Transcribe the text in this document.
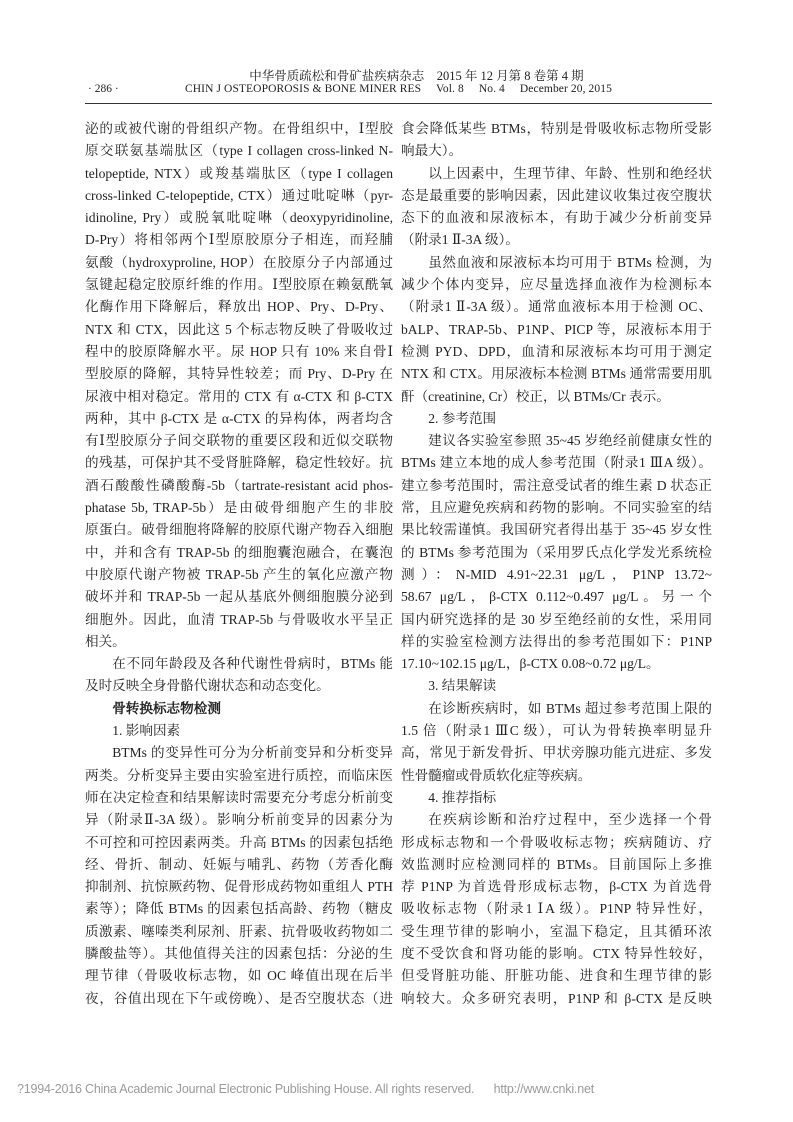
中华骨质疏松和骨矿盐疾病杂志　2015 年 12 月第 8 卷第 4 期
· 286 ·	CHIN J OSTEOPOROSIS & BONE MINER RES Vol. 8 No. 4 December 20, 2015
泌的或被代谢的骨组织产物。在骨组织中，Ⅰ型胶
原交联氨基端肽区（type I collagen cross-linked N-
telopeptide, NTX）或羧基端肽区（type I collagen
cross-linked C-telopeptide, CTX）通过吡啶啉（pyr-
idinoline, Pry）或脱氧吡啶啉（deoxypyridinoline,
D-Pry）将相邻两个Ⅰ型原胶原分子相连，而羟脯
氨酸（hydroxyproline, HOP）在胶原分子内部通过
氢键起稳定胶原纤维的作用。Ⅰ型胶原在赖氨酰氧
化酶作用下降解后，释放出 HOP、Pry、D-Pry、
NTX 和 CTX，因此这 5 个标志物反映了骨吸收过
程中的胶原降解水平。尿 HOP 只有 10% 来自骨Ⅰ
型胶原的降解，其特异性较差；而 Pry、D-Pry 在
尿液中相对稳定。常用的 CTX 有 α-CTX 和 β-CTX
两种，其中 β-CTX 是 α-CTX 的异构体，两者均含
有Ⅰ型胶原分子间交联物的重要区段和近似交联物
的残基，可保护其不受肾脏降解，稳定性较好。抗
酒石酸酸性磷酸酶-5b（tartrate-resistant acid phos-
phatase 5b, TRAP-5b）是由破骨细胞产生的非胶
原蛋白。破骨细胞将降解的胶原代谢产物吞入细胞
中，并和含有 TRAP-5b 的细胞囊泡融合，在囊泡
中胶原代谢产物被 TRAP-5b 产生的氧化应激产物
破坏并和 TRAP-5b 一起从基底外侧细胞膜分泌到
细胞外。因此，血清 TRAP-5b 与骨吸收水平呈正
相关。
在不同年龄段及各种代谢性骨病时，BTMs 能
及时反映全身骨骼代谢状态和动态变化。
骨转换标志物检测
1. 影响因素
BTMs 的变异性可分为分析前变异和分析变异
两类。分析变异主要由实验室进行质控，而临床医
师在决定检查和结果解读时需要充分考虑分析前变
异（附录Ⅱ-3A 级）。影响分析前变异的因素分为
不可控和可控因素两类。升高 BTMs 的因素包括绝
经、骨折、制动、妊娠与哺乳、药物（芳香化酶
抑制剂、抗惊厥药物、促骨形成药物如重组人 PTH
素等）；降低 BTMs 的因素包括高龄、药物（糖皮
质激素、噻嗪类利尿剂、肝素、抗骨吸收药物如二
膦酸盐等）。其他值得关注的因素包括：分泌的生
理节律（骨吸收标志物，如 OC 峰值出现在后半
夜，谷值出现在下午或傍晚）、是否空腹状态（进
食会降低某些 BTMs，特别是骨吸收标志物所受影
响最大）。
以上因素中，生理节律、年龄、性别和绝经状
态是最重要的影响因素，因此建议收集过夜空腹状
态下的血液和尿液标本，有助于减少分析前变异
（附录1 Ⅱ-3A 级）。
虽然血液和尿液标本均可用于 BTMs 检测，为
减少个体内变异，应尽量选择血液作为检测标本
（附录1 Ⅱ-3A 级）。通常血液标本用于检测 OC、
bALP、TRAP-5b、P1NP、PICP 等，尿液标本用于
检测 PYD、DPD，血清和尿液标本均可用于测定
NTX 和 CTX。用尿液标本检测 BTMs 通常需要用肌
酐（creatinine, Cr）校正，以 BTMs/Cr 表示。
2. 参考范围
建议各实验室参照 35~45 岁绝经前健康女性的
BTMs 建立本地的成人参考范围（附录1 ⅢA 级）。
建立参考范围时，需注意受试者的维生素 D 状态正
常，且应避免疾病和药物的影响。不同实验室的结
果比较需谨慎。我国研究者得出基于 35~45 岁女性
的 BTMs 参考范围为（采用罗氏点化学发光系统检
测）：N-MID 4.91~22.31 μg/L，P1NP 13.72~
58.67 μg/L，β-CTX 0.112~0.497 μg/L。另一个
国内研究选择的是 30 岁至绝经前的女性，采用同
样的实验室检测方法得出的参考范围如下：P1NP
17.10~102.15 μg/L，β-CTX 0.08~0.72 μg/L。
3. 结果解读
在诊断疾病时，如 BTMs 超过参考范围上限的
1.5 倍（附录1 ⅢC 级），可认为骨转换率明显升
高，常见于新发骨折、甲状旁腺功能亢进症、多发
性骨髓瘤或骨质软化症等疾病。
4. 推荐指标
在疾病诊断和治疗过程中，至少选择一个骨
形成标志物和一个骨吸收标志物；疾病随访、疗
效监测时应检测同样的 BTMs。目前国际上多推
荐 P1NP 为首选骨形成标志物，β-CTX 为首选骨
吸收标志物（附录1 ⅠA 级）。P1NP 特异性好，
受生理节律的影响小，室温下稳定，且其循环浓
度不受饮食和肾功能的影响。CTX 特异性较好，
但受肾脏功能、肝脏功能、进食和生理节律的影
响较大。众多研究表明，P1NP 和 β-CTX 是反映
?1994-2016 China Academic Journal Electronic Publishing House. All rights reserved. http://www.cnki.net
